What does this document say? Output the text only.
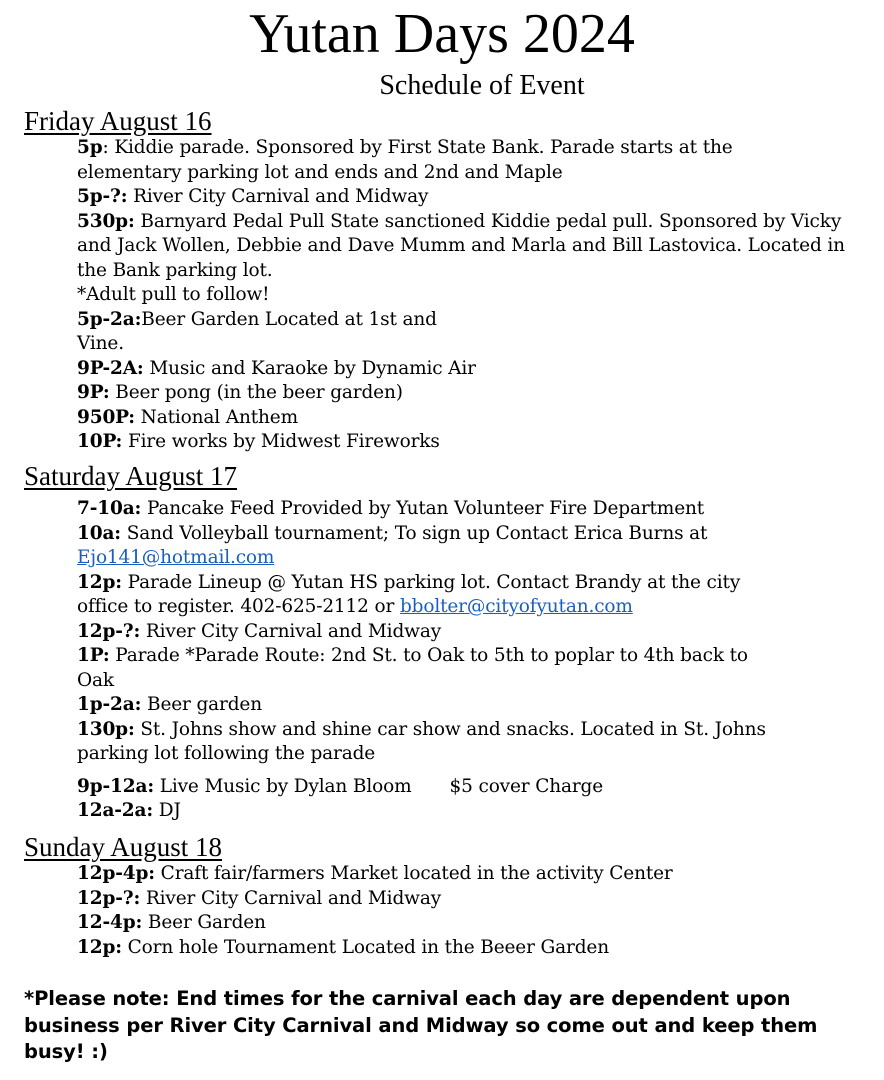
Yutan Days 2024
Schedule of Event
Friday August 16
5p: Kiddie parade. Sponsored by First State Bank. Parade starts at the elementary parking lot and ends and 2nd and Maple
5p-?: River City Carnival and Midway
530p: Barnyard Pedal Pull State sanctioned Kiddie pedal pull. Sponsored by Vicky and Jack Wollen, Debbie and Dave Mumm and Marla and Bill Lastovica. Located in the Bank parking lot.
*Adult pull to follow!
5p-2a:Beer Garden Located at 1st and Vine.
9P-2A: Music and Karaoke by Dynamic Air
9P: Beer pong (in the beer garden)
950P: National Anthem
10P: Fire works by Midwest Fireworks
Saturday August 17
7-10a: Pancake Feed Provided by Yutan Volunteer Fire Department
10a: Sand Volleyball tournament; To sign up Contact Erica Burns at
Ejo141@hotmail.com
12p: Parade Lineup @ Yutan HS parking lot. Contact Brandy at the city office to register. 402-625-2112 or bbolter@cityofyutan.com
12p-?: River City Carnival and Midway
1P: Parade *Parade Route: 2nd St. to Oak to 5th to poplar to 4th back to Oak
1p-2a: Beer garden
130p: St. Johns show and shine car show and snacks. Located in St. Johns parking lot following the parade
9p-12a: Live Music by Dylan Bloom $5 cover Charge
12a-2a: DJ
Sunday August 18
12p-4p: Craft fair/farmers Market located in the activity Center
12p-?: River City Carnival and Midway
12-4p: Beer Garden
12p: Corn hole Tournament Located in the Beeer Garden
*Please note: End times for the carnival each day are dependent upon business per River City Carnival and Midway so come out and keep them busy! :)
